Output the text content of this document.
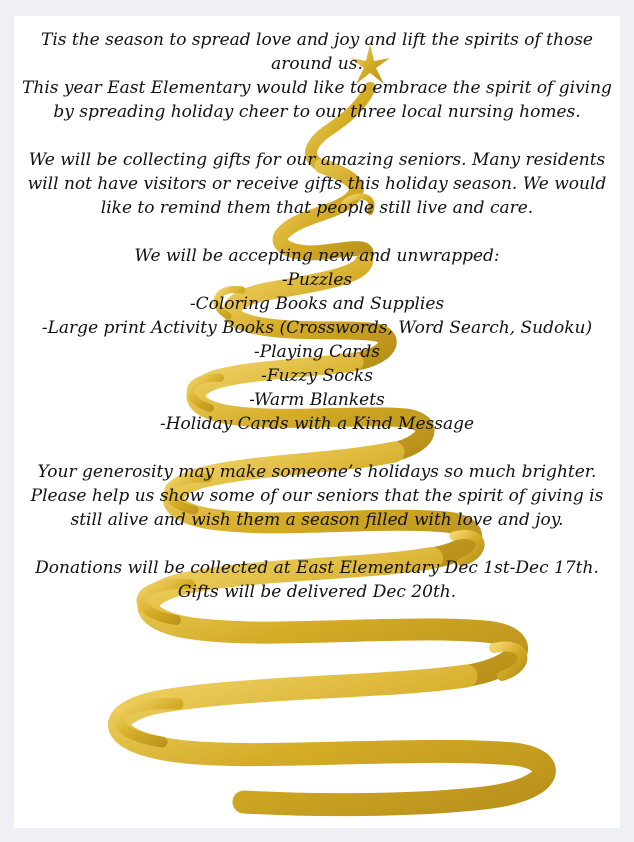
Tis the season to spread love and joy and lift the spirits of those around us.

This year East Elementary would like to embrace the spirit of giving by spreading holiday cheer to our three local nursing homes.

We will be collecting gifts for our amazing seniors. Many residents will not have visitors or receive gifts this holiday season. We would like to remind them that people still live and care.

We will be accepting new and unwrapped:

-Puzzles

-Coloring Books and Supplies

-Large print Activity Books (Crosswords, Word Search, Sudoku)

-Playing Cards

-Fuzzy Socks

-Warm Blankets

-Holiday Cards with a Kind Message

Your generosity may make someone’s holidays so much brighter. Please help us show some of our seniors that the spirit of giving is still alive and wish them a season filled with love and joy.

Donations will be collected at East Elementary Dec 1st-Dec 17th.

Gifts will be delivered Dec 20th.
